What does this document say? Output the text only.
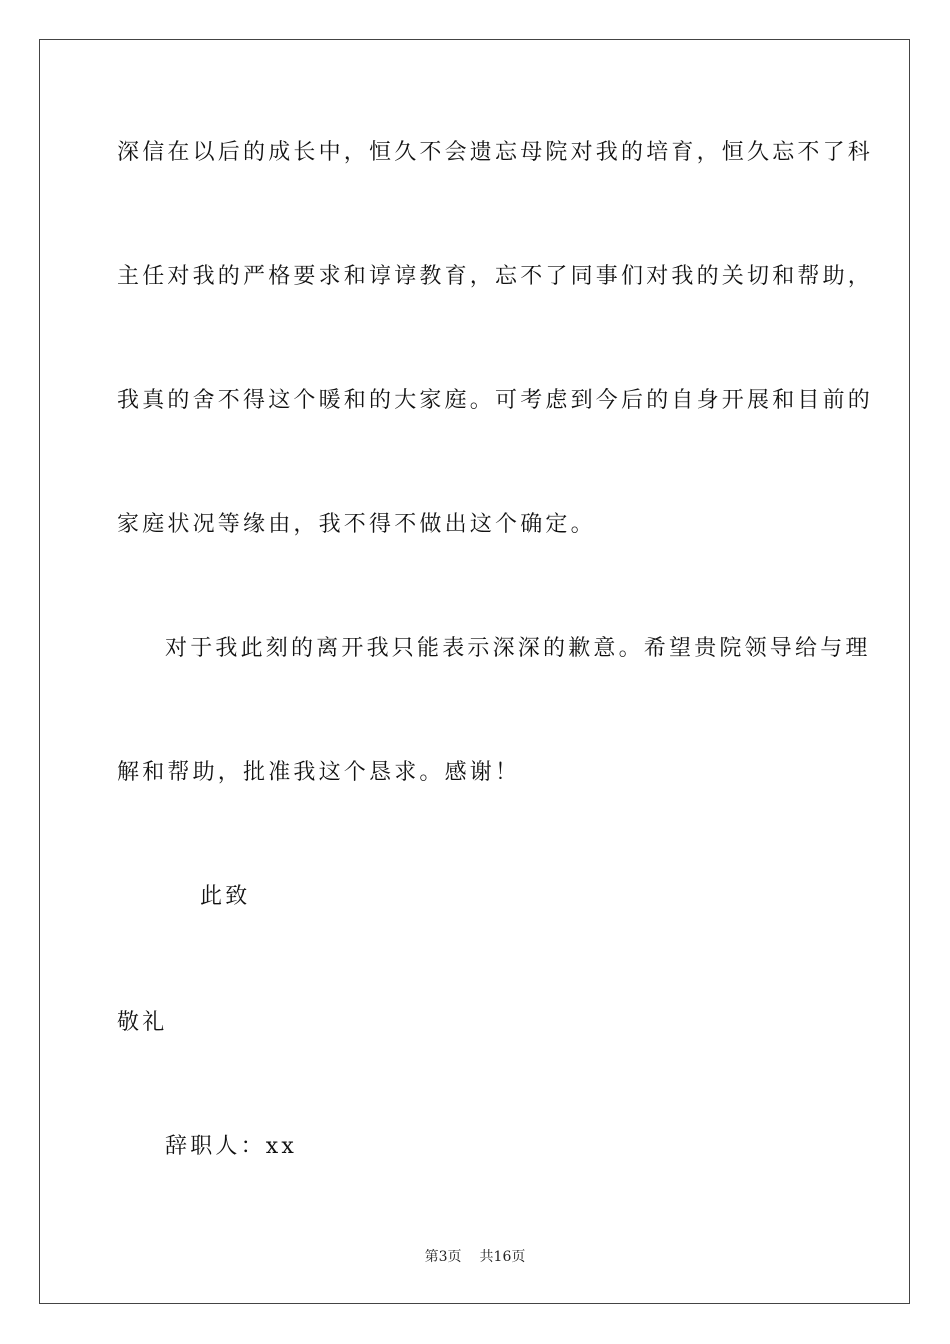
深信在以后的成长中，恒久不会遗忘母院对我的培育，恒久忘不了科
主任对我的严格要求和谆谆教育，忘不了同事们对我的关切和帮助，
我真的舍不得这个暖和的大家庭。可考虑到今后的自身开展和目前的
家庭状况等缘由，我不得不做出这个确定。
对于我此刻的离开我只能表示深深的歉意。希望贵院领导给与理
解和帮助，批准我这个恳求。感谢！
此致
敬礼
辞职人：xx
第3页 共16页
